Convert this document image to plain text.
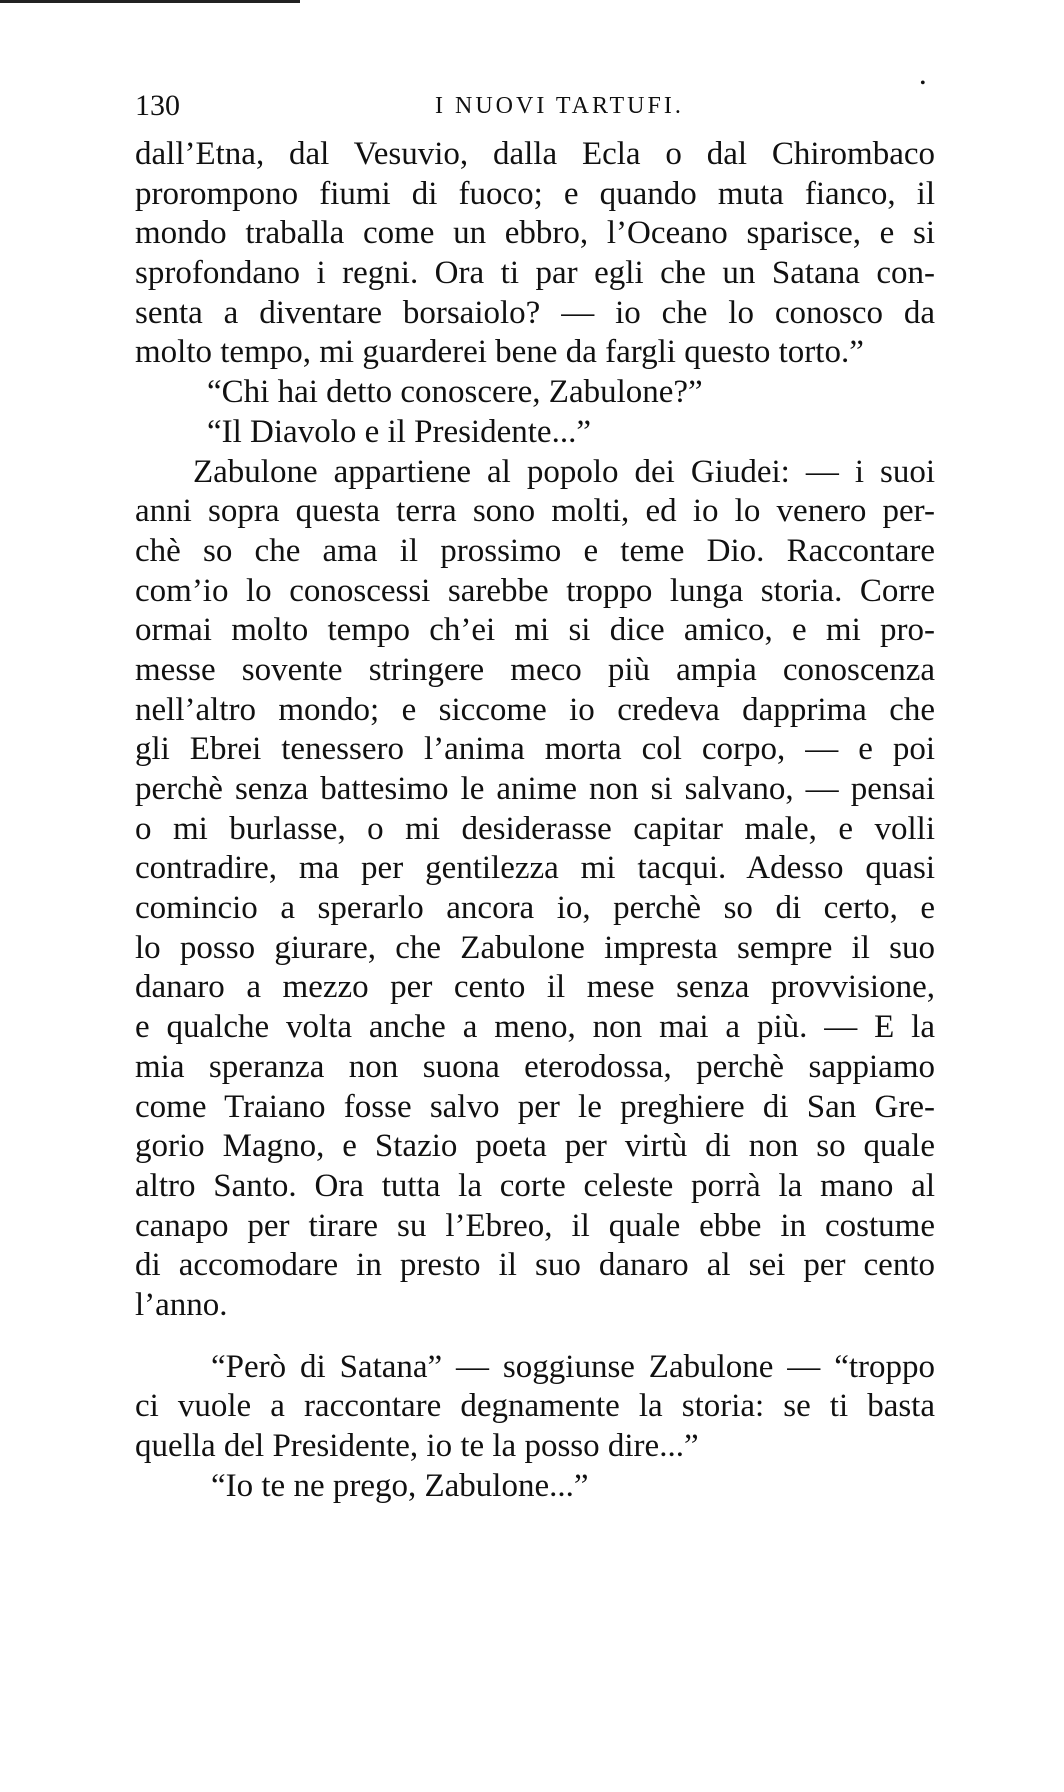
130	I NUOVI TARTUFI.
•
dall’Etna, dal Vesuvio, dalla Ecla o dal Chirombaco
prorompono fiumi di fuoco; e quando muta fianco, il
mondo traballa come un ebbro, l’Oceano sparisce, e si
sprofondano i regni. Ora ti par egli che un Satana con-
senta a diventare borsaiolo? — io che lo conosco da
molto tempo, mi guarderei bene da fargli questo torto.”
“Chi hai detto conoscere, Zabulone?”
“Il Diavolo e il Presidente...”
Zabulone appartiene al popolo dei Giudei: — i suoi
anni sopra questa terra sono molti, ed io lo venero per-
chè so che ama il prossimo e teme Dio. Raccontare
com’io lo conoscessi sarebbe troppo lunga storia. Corre
ormai molto tempo ch’ei mi si dice amico, e mi pro-
messe sovente stringere meco più ampia conoscenza
nell’altro mondo; e siccome io credeva dapprima che
gli Ebrei tenessero l’anima morta col corpo, — e poi
perchè senza battesimo le anime non si salvano, — pensai
o mi burlasse, o mi desiderasse capitar male, e volli
contradire, ma per gentilezza mi tacqui. Adesso quasi
comincio a sperarlo ancora io, perchè so di certo, e
lo posso giurare, che Zabulone impresta sempre il suo
danaro a mezzo per cento il mese senza provvisione,
e qualche volta anche a meno, non mai a più. — E la
mia speranza non suona eterodossa, perchè sappiamo
come Traiano fosse salvo per le preghiere di San Gre-
gorio Magno, e Stazio poeta per virtù di non so quale
altro Santo. Ora tutta la corte celeste porrà la mano al
canapo per tirare su l’Ebreo, il quale ebbe in costume
di accomodare in presto il suo danaro al sei per cento
l’anno.
“Però di Satana” — soggiunse Zabulone — “troppo
ci vuole a raccontare degnamente la storia: se ti basta
quella del Presidente, io te la posso dire...”
“Io te ne prego, Zabulone...”
